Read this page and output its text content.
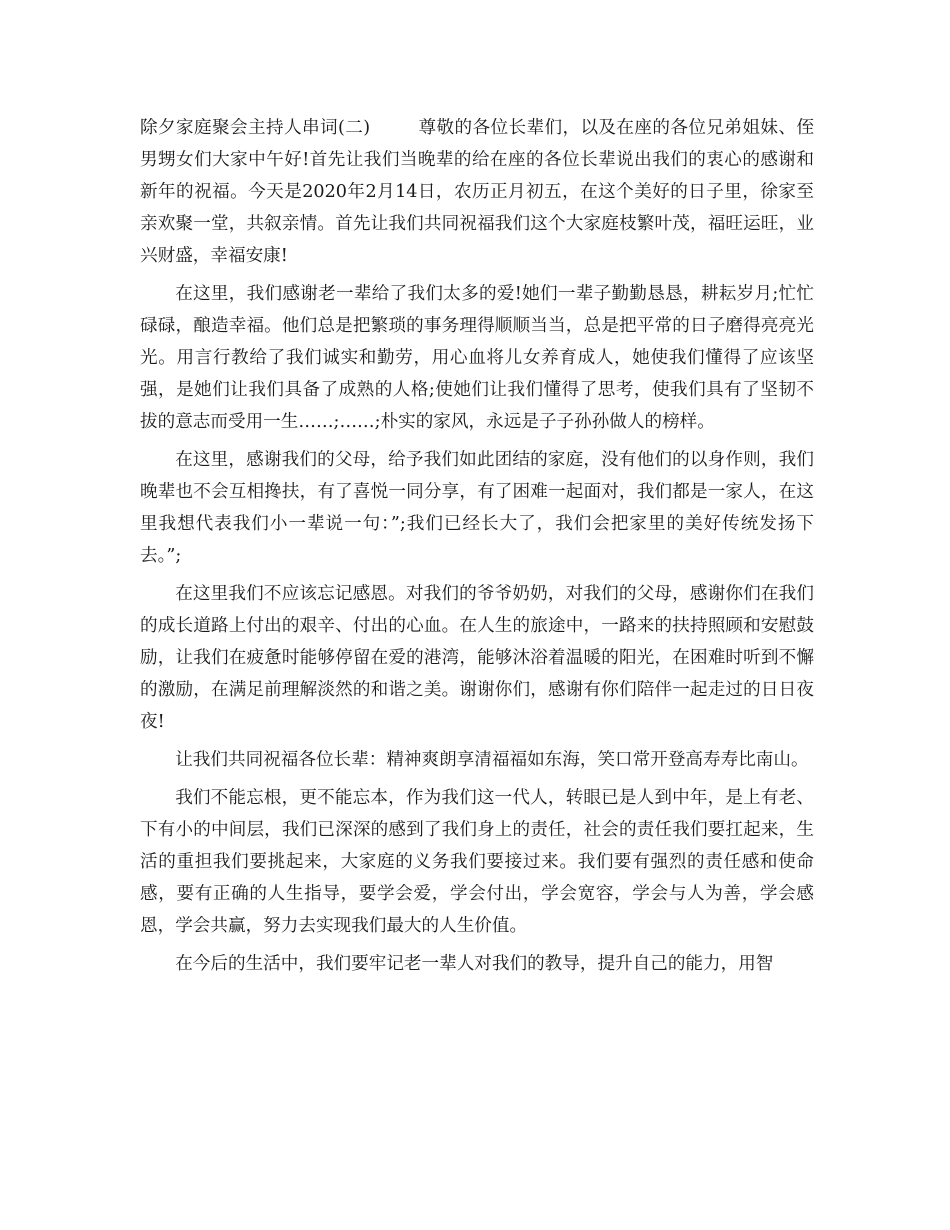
除夕家庭聚会主持人串词(二)	尊敬的各位长辈们，以及在座的各位兄弟姐妹、侄男甥女们大家中午好!首先让我们当晚辈的给在座的各位长辈说出我们的衷心的感谢和新年的祝福。今天是2020年2月14日，农历正月初五，在这个美好的日子里，徐家至亲欢聚一堂，共叙亲情。首先让我们共同祝福我们这个大家庭枝繁叶茂，福旺运旺，业兴财盛，幸福安康!

在这里，我们感谢老一辈给了我们太多的爱!她们一辈子勤勤恳恳，耕耘岁月;忙忙碌碌，酿造幸福。他们总是把繁琐的事务理得顺顺当当，总是把平常的日子磨得亮亮光光。用言行教给了我们诚实和勤劳，用心血将儿女养育成人，她使我们懂得了应该坚强，是她们让我们具备了成熟的人格;使她们让我们懂得了思考，使我们具有了坚韧不拔的意志而受用一生……;……;朴实的家风，永远是子子孙孙做人的榜样。

在这里，感谢我们的父母，给予我们如此团结的家庭，没有他们的以身作则，我们晚辈也不会互相搀扶，有了喜悦一同分享，有了困难一起面对，我们都是一家人，在这里我想代表我们小一辈说一句：”;我们已经长大了，我们会把家里的美好传统发扬下去。”;

在这里我们不应该忘记感恩。对我们的爷爷奶奶，对我们的父母，感谢你们在我们的成长道路上付出的艰辛、付出的心血。在人生的旅途中，一路来的扶持照顾和安慰鼓励，让我们在疲惫时能够停留在爱的港湾，能够沐浴着温暖的阳光，在困难时听到不懈的激励，在满足前理解淡然的和谐之美。谢谢你们，感谢有你们陪伴一起走过的日日夜夜!

让我们共同祝福各位长辈：精神爽朗享清福福如东海，笑口常开登高寿寿比南山。

我们不能忘根，更不能忘本，作为我们这一代人，转眼已是人到中年，是上有老、下有小的中间层，我们已深深的感到了我们身上的责任，社会的责任我们要扛起来，生活的重担我们要挑起来，大家庭的义务我们要接过来。我们要有强烈的责任感和使命感，要有正确的人生指导，要学会爱，学会付出，学会宽容，学会与人为善，学会感恩，学会共赢，努力去实现我们最大的人生价值。

在今后的生活中，我们要牢记老一辈人对我们的教导，提升自己的能力，用智
